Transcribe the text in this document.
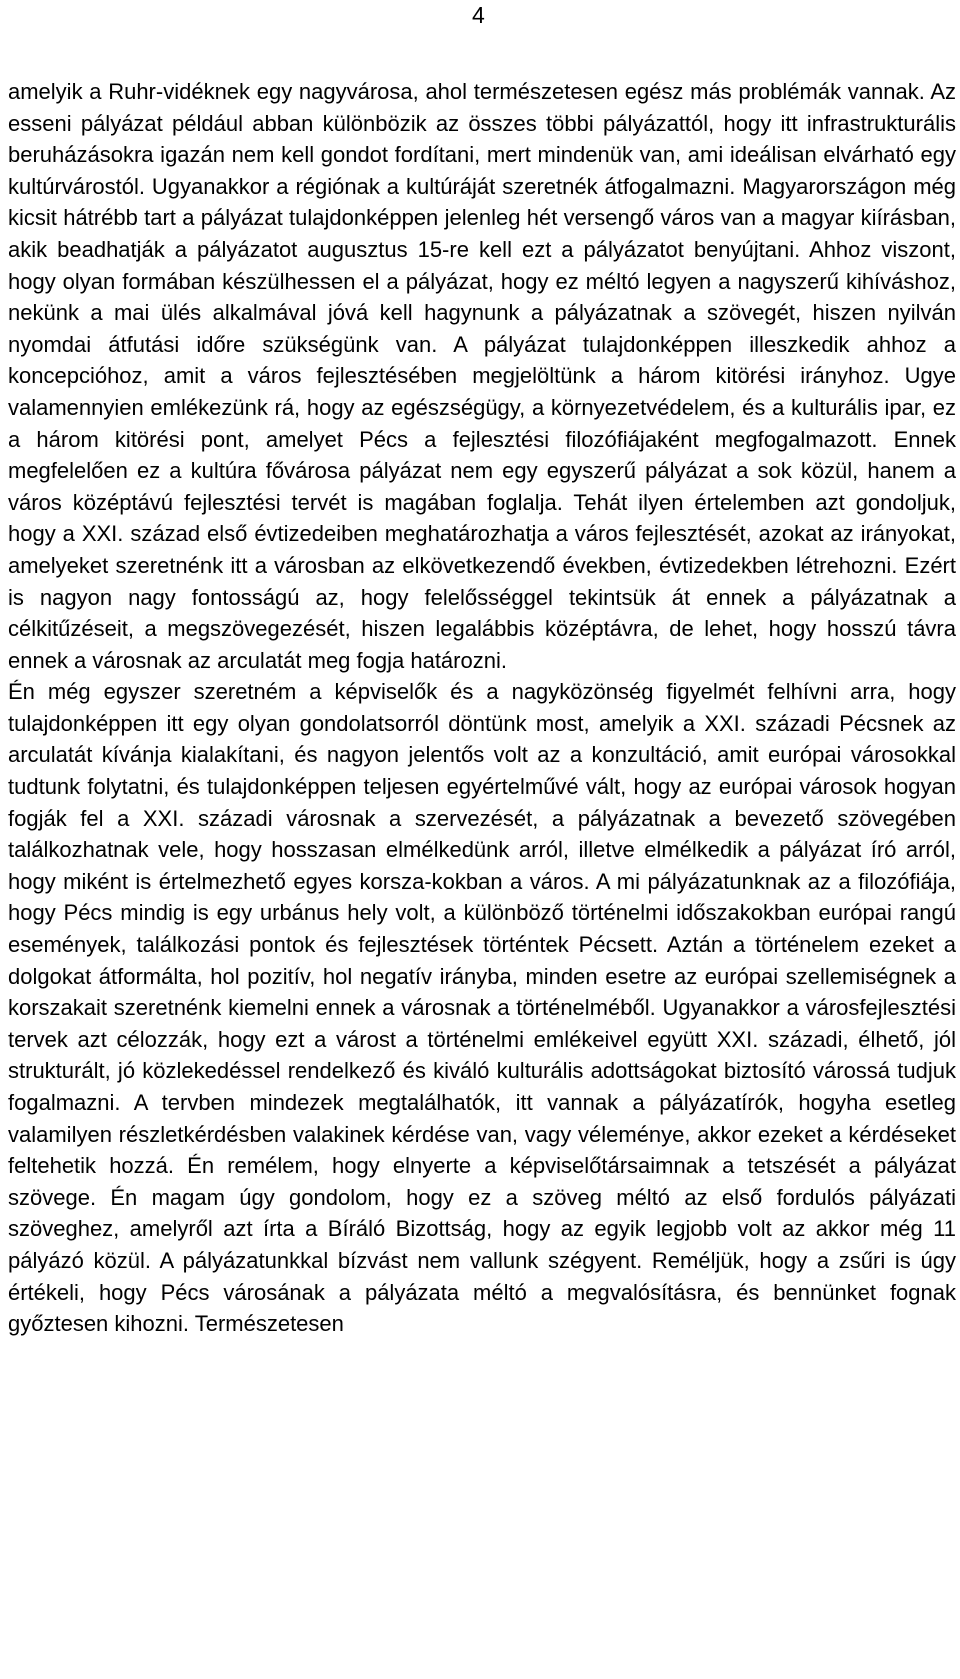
4

amelyik a Ruhr-vidéknek egy nagyvárosa, ahol természetesen egész más problémák vannak. Az esseni pályázat például abban különbözik az összes többi pályázattól, hogy itt infrastrukturális beruházásokra igazán nem kell gondot fordítani, mert mindenük van, ami ideálisan elvárható egy kultúrvárostól. Ugyanakkor a régiónak a kultúráját szeretnék átfogalmazni. Magyarországon még kicsit hátrébb tart a pályázat tulajdonképpen jelenleg hét versengő város van a magyar kiírásban, akik beadhatják a pályázatot augusztus 15-re kell ezt a pályázatot benyújtani. Ahhoz viszont, hogy olyan formában készülhessen el a pályázat, hogy ez méltó legyen a nagyszerű kihíváshoz, nekünk a mai ülés alkalmával jóvá kell hagynunk a pályázatnak a szövegét, hiszen nyilván nyomdai átfutási időre szükségünk van. A pályázat tulajdonképpen illeszkedik ahhoz a koncepcióhoz, amit a város fejlesztésében megjelöltünk a három kitörési irányhoz. Ugye valamennyien emlékezünk rá, hogy az egészségügy, a környezetvédelem, és a kulturális ipar, ez a három kitörési pont, amelyet Pécs a fejlesztési filozófiájaként megfogalmazott. Ennek megfelelően ez a kultúra fővárosa pályázat nem egy egyszerű pályázat a sok közül, hanem a város középtávú fejlesztési tervét is magában foglalja. Tehát ilyen értelemben azt gondoljuk, hogy a XXI. század első évtizedeiben meghatározhatja a város fejlesztését, azokat az irányokat, amelyeket szeretnénk itt a városban az elkövetkezendő években, évtizedekben létrehozni. Ezért is nagyon nagy fontosságú az, hogy felelősséggel tekintsük át ennek a pályázatnak a célkitűzéseit, a megszövegezését, hiszen legalábbis középtávra, de lehet, hogy hosszú távra ennek a városnak az arculatát meg fogja határozni.

Én még egyszer szeretném a képviselők és a nagyközönség figyelmét felhívni arra, hogy tulajdonképpen itt egy olyan gondolatsorról döntünk most, amelyik a XXI. századi Pécsnek az arculatát kívánja kialakítani, és nagyon jelentős volt az a konzultáció, amit európai városokkal tudtunk folytatni, és tulajdonképpen teljesen egyértelművé vált, hogy az európai városok hogyan fogják fel a XXI. századi városnak a szervezését, a pályázatnak a bevezető szövegében találkozhatnak vele, hogy hosszasan elmélkedünk arról, illetve elmélkedik a pályázat író arról, hogy miként is értelmezhető egyes korsza-kokban a város. A mi pályázatunknak az a filozófiája, hogy Pécs mindig is egy urbánus hely volt, a különböző történelmi időszakokban európai rangú események, találkozási pontok és fejlesztések történtek Pécsett. Aztán a történelem ezeket a dolgokat átformálta, hol pozitív, hol negatív irányba, minden esetre az európai szellemiségnek a korszakait szeretnénk kiemelni ennek a városnak a történelméből. Ugyanakkor a városfejlesztési tervek azt célozzák, hogy ezt a várost a történelmi emlékeivel együtt XXI. századi, élhető, jól strukturált, jó közlekedéssel rendelkező és kiváló kulturális adottságokat biztosító várossá tudjuk fogalmazni. A tervben mindezek megtalálhatók, itt vannak a pályázatírók, hogyha esetleg valamilyen részletkérdésben valakinek kérdése van, vagy véleménye, akkor ezeket a kérdéseket feltehetik hozzá. Én remélem, hogy elnyerte a képviselőtársaimnak a tetszését a pályázat szövege. Én magam úgy gondolom, hogy ez a szöveg méltó az első fordulós pályázati szöveghez, amelyről azt írta a Bíráló Bizottság, hogy az egyik legjobb volt az akkor még 11 pályázó közül. A pályázatunkkal bízvást nem vallunk szégyent. Reméljük, hogy a zsűri is úgy értékeli, hogy Pécs városának a pályázata méltó a megvalósításra, és bennünket fognak győztesen kihozni. Természetesen
